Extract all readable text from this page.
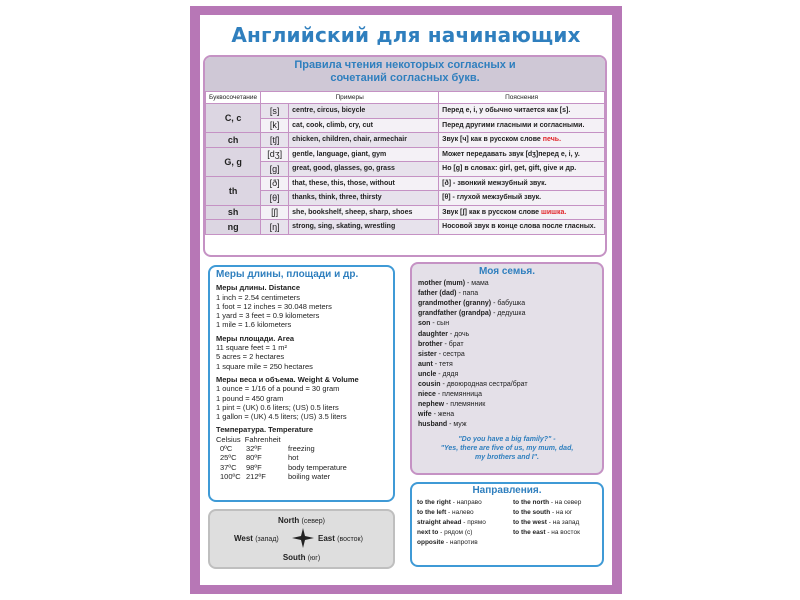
Английский для начинающих
Правила чтения некоторых согласных и
сочетаний согласных букв.
Буквосочетание	Примеры		Пояснения
C, c	[s]	centre, circus, bicycle	Перед e, i, y обычно читается как [s].
	[k]	cat, cook, climb, cry, cut	Перед другими гласными и согласными.
ch	[tʃ]	chicken, children, chair, armechair	Звук [ч] как в русском слове печь.
G, g	[dʒ]	gentle, language, giant, gym	Может передавать звук [dʒ]перед e, i, y.
	[g]	great, good, glasses, go, grass	Но [g] в словах: girl, get, gift, give и др.
th	[ð]	that, these, this, those, without	[ð] - звонкий межзубный звук.
	[θ]	thanks, think, three, thirsty	[θ] - глухой межзубный звук.
sh	[ʃ]	she, bookshelf, sheep, sharp, shoes	Звук [ʃ] как в русском слове шишка.
ng	[ŋ]	strong, sing, skating, wrestling	Носовой звук в конце слова после гласных.
Меры длины, площади и др.
Меры длины. Distance
1 inch = 2.54 centimeters
1 foot = 12 inches = 30.048 meters
1 yard = 3 feet = 0.9 kilometers
1 mile = 1.6 kilometers
Меры площади. Area
11 square feet = 1 m²
5 acres = 2 hectares
1 square mile = 250 hectares
Меры веса и объема. Weight & Volume
1 ounce = 1/16 of a pound = 30 gram
1 pound = 450 gram
1 pint = (UK) 0.6 liters; (US) 0.5 liters
1 gallon = (UK) 4.5 liters; (US) 3.5 liters
Температура. Temperature
Celsius  Fahrenheit
0ºC	32ºF	freezing
25ºC	80ºF	hot
37ºC	98ºF	body temperature
100ºC 212ºF	boiling water
North (север)
West (запад)	East (восток)
South (юг)
Моя семья.
mother (mum) - мама
father (dad) - папа
grandmother (granny) - бабушка
grandfather (grandpa) - дедушка
son - сын
daughter - дочь
brother - брат
sister - сестра
aunt - тетя
uncle - дядя
cousin - двоюродная сестра/брат
niece - племянница
nephew - племянник
wife - жена
husband - муж
"Do you have a big family?" -
"Yes, there are five of us, my mum, dad,
my brothers and I".
Направления.
to the right - направо	to the north - на север
to the left - налево	to the south - на юг
straight ahead - прямо	to the west - на запад
next to - рядом (с)	to the east - на восток
opposite - напротив
